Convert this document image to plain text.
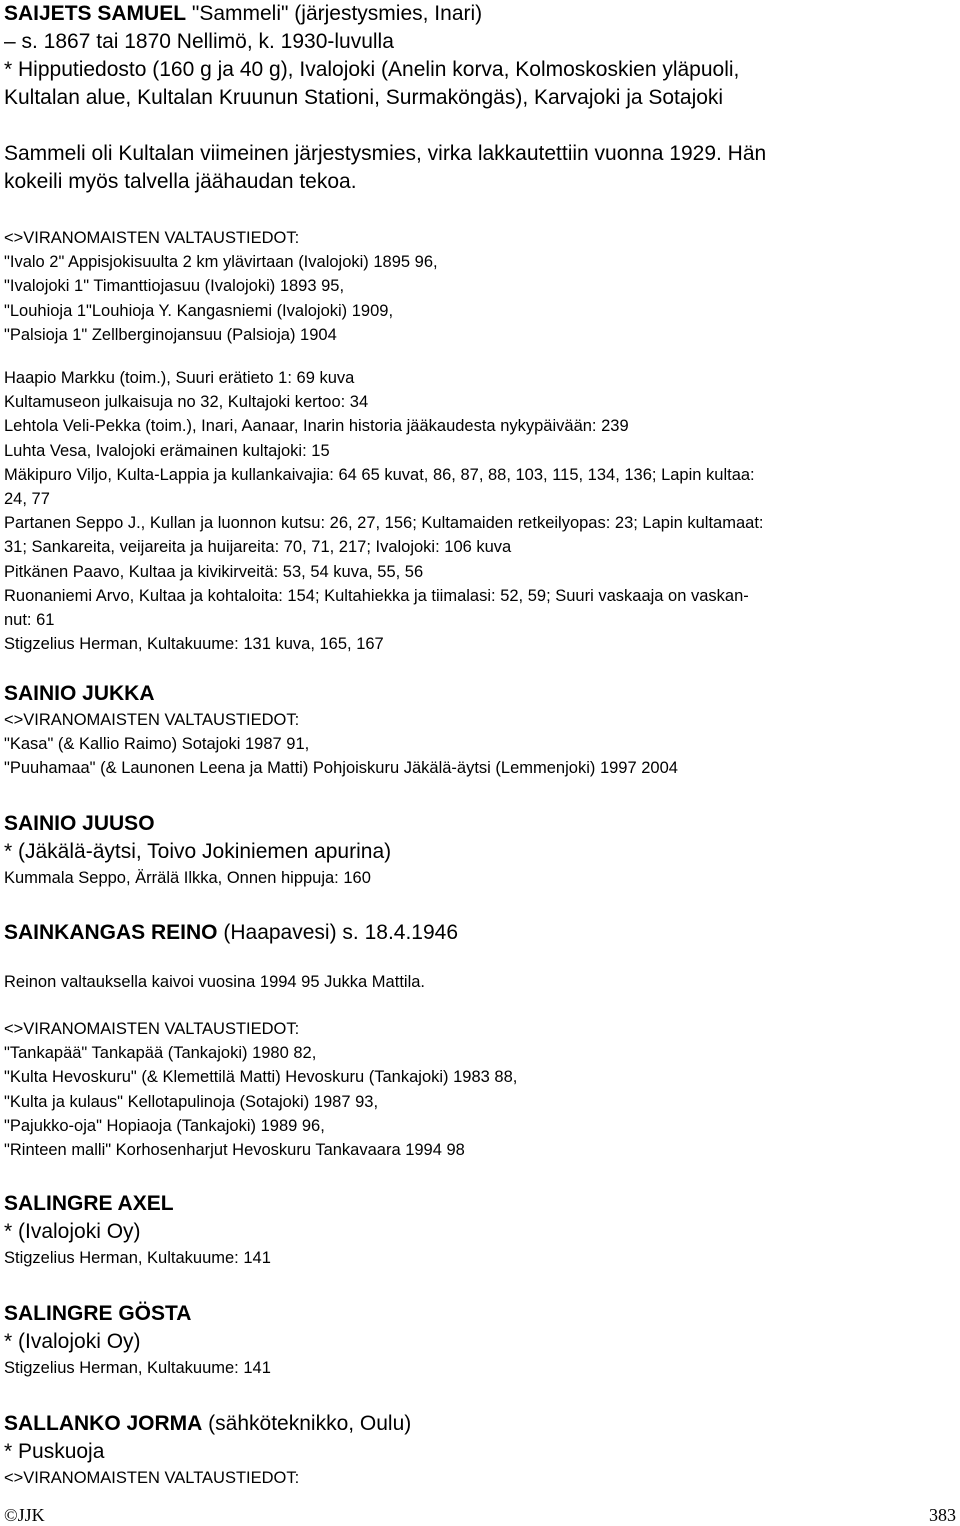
SAIJETS SAMUEL "Sammeli" (järjestysmies, Inari)
– s. 1867 tai 1870 Nellimö, k. 1930-luvulla
* Hipputiedosto (160 g ja 40 g), Ivalojoki (Anelin korva, Kolmoskoskien yläpuoli,
Kultalan alue, Kultalan Kruunun Stationi, Surmaköngäs), Karvajoki ja Sotajoki
Sammeli oli Kultalan viimeinen järjestysmies, virka lakkautettiin vuonna 1929. Hän
kokeili myös talvella jäähaudan tekoa.
<>VIRANOMAISTEN VALTAUSTIEDOT:
"Ivalo 2" Appisjokisuulta 2 km ylävirtaan (Ivalojoki) 1895 96,
"Ivalojoki 1" Timanttiojasuu (Ivalojoki) 1893 95,
"Louhioja 1"Louhioja Y. Kangasniemi (Ivalojoki) 1909,
"Palsioja 1" Zellberginojansuu (Palsioja) 1904
Haapio Markku (toim.), Suuri erätieto 1: 69 kuva
Kultamuseon julkaisuja no 32, Kultajoki kertoo: 34
Lehtola Veli-Pekka (toim.), Inari, Aanaar, Inarin historia jääkaudesta nykypäivään: 239
Luhta Vesa, Ivalojoki erämainen kultajoki: 15
Mäkipuro Viljo, Kulta-Lappia ja kullankaivajia: 64 65 kuvat, 86, 87, 88, 103, 115, 134, 136; Lapin kultaa:
24, 77
Partanen Seppo J., Kullan ja luonnon kutsu: 26, 27, 156; Kultamaiden retkeilyopas: 23; Lapin kultamaat:
31; Sankareita, veijareita ja huijareita: 70, 71, 217; Ivalojoki: 106 kuva
Pitkänen Paavo, Kultaa ja kivikirveitä: 53, 54 kuva, 55, 56
Ruonaniemi Arvo, Kultaa ja kohtaloita: 154; Kultahiekka ja tiimalasi: 52, 59; Suuri vaskaaja on vaskan-
nut: 61
Stigzelius Herman, Kultakuume: 131 kuva, 165, 167
SAINIO JUKKA
<>VIRANOMAISTEN VALTAUSTIEDOT:
"Kasa" (& Kallio Raimo) Sotajoki 1987 91,
"Puuhamaa" (& Launonen Leena ja Matti) Pohjoiskuru Jäkälä-äytsi (Lemmenjoki) 1997 2004
SAINIO JUUSO
* (Jäkälä-äytsi, Toivo Jokiniemen apurina)
Kummala Seppo, Ärrälä Ilkka, Onnen hippuja: 160
SAINKANGAS REINO (Haapavesi) s. 18.4.1946
Reinon valtauksella kaivoi vuosina 1994 95 Jukka Mattila.
<>VIRANOMAISTEN VALTAUSTIEDOT:
"Tankapää" Tankapää (Tankajoki) 1980 82,
"Kulta Hevoskuru" (& Klemettilä Matti) Hevoskuru (Tankajoki) 1983 88,
"Kulta ja kulaus" Kellotapulinoja (Sotajoki) 1987 93,
"Pajukko-oja" Hopiaoja (Tankajoki) 1989 96,
"Rinteen malli" Korhosenharjut Hevoskuru Tankavaara 1994 98
SALINGRE AXEL
* (Ivalojoki Oy)
Stigzelius Herman, Kultakuume: 141
SALINGRE GÖSTA
* (Ivalojoki Oy)
Stigzelius Herman, Kultakuume: 141
SALLANKO JORMA (sähköteknikko, Oulu)
* Puskuoja
<>VIRANOMAISTEN VALTAUSTIEDOT:
©JJK	383
